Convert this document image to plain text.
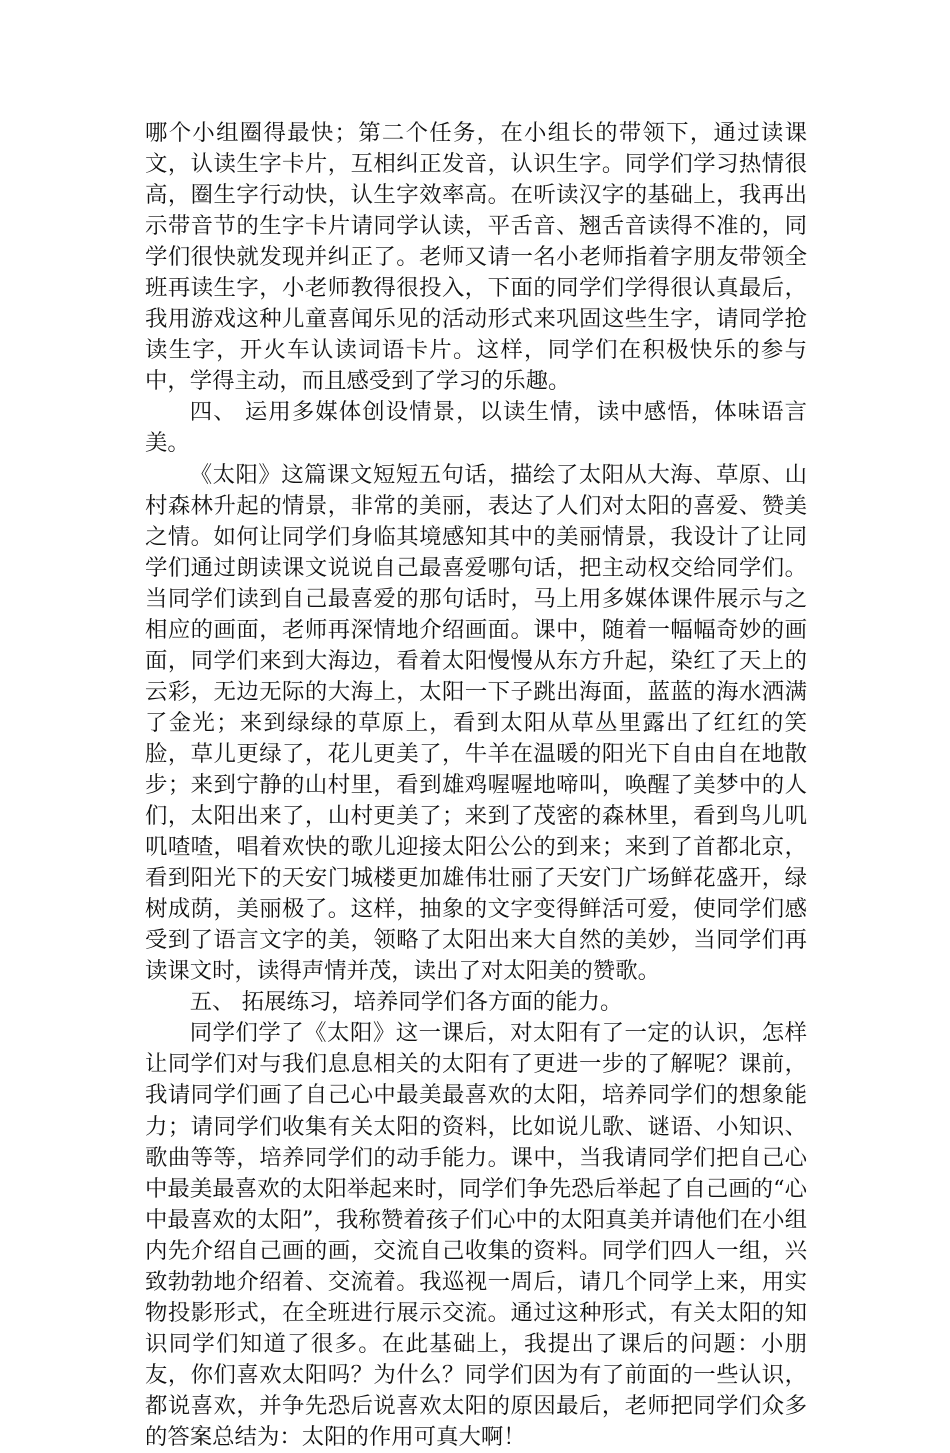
哪个小组圈得最快；第二个任务，在小组长的带领下，通过读课文，认读生字卡片，互相纠正发音，认识生字。同学们学习热情很高，圈生字行动快，认生字效率高。在听读汉字的基础上，我再出示带音节的生字卡片请同学认读，平舌音、翘舌音读得不准的，同学们很快就发现并纠正了。老师又请一名小老师指着字朋友带领全班再读生字，小老师教得很投入，下面的同学们学得很认真最后，我用游戏这种儿童喜闻乐见的活动形式来巩固这些生字，请同学抢读生字，开火车认读词语卡片。这样，同学们在积极快乐的参与中，学得主动，而且感受到了学习的乐趣。

四、 运用多媒体创设情景，以读生情，读中感悟，体味语言美。

《太阳》这篇课文短短五句话，描绘了太阳从大海、草原、山村森林升起的情景，非常的美丽，表达了人们对太阳的喜爱、赞美之情。如何让同学们身临其境感知其中的美丽情景，我设计了让同学们通过朗读课文说说自己最喜爱哪句话，把主动权交给同学们。当同学们读到自己最喜爱的那句话时，马上用多媒体课件展示与之相应的画面，老师再深情地介绍画面。课中，随着一幅幅奇妙的画面，同学们来到大海边，看着太阳慢慢从东方升起，染红了天上的云彩，无边无际的大海上，太阳一下子跳出海面，蓝蓝的海水洒满了金光；来到绿绿的草原上，看到太阳从草丛里露出了红红的笑脸，草儿更绿了，花儿更美了，牛羊在温暖的阳光下自由自在地散步；来到宁静的山村里，看到雄鸡喔喔地啼叫，唤醒了美梦中的人们，太阳出来了，山村更美了；来到了茂密的森林里，看到鸟儿叽叽喳喳，唱着欢快的歌儿迎接太阳公公的到来；来到了首都北京，看到阳光下的天安门城楼更加雄伟壮丽了天安门广场鲜花盛开，绿树成荫，美丽极了。这样，抽象的文字变得鲜活可爱，使同学们感受到了语言文字的美，领略了太阳出来大自然的美妙，当同学们再读课文时，读得声情并茂，读出了对太阳美的赞歌。

五、 拓展练习，培养同学们各方面的能力。

同学们学了《太阳》这一课后，对太阳有了一定的认识，怎样让同学们对与我们息息相关的太阳有了更进一步的了解呢？课前，我请同学们画了自己心中最美最喜欢的太阳，培养同学们的想象能力；请同学们收集有关太阳的资料，比如说儿歌、谜语、小知识、歌曲等等，培养同学们的动手能力。课中，当我请同学们把自己心中最美最喜欢的太阳举起来时，同学们争先恐后举起了自己画的“心中最喜欢的太阳”，我称赞着孩子们心中的太阳真美并请他们在小组内先介绍自己画的画，交流自己收集的资料。同学们四人一组，兴致勃勃地介绍着、交流着。我巡视一周后，请几个同学上来，用实物投影形式，在全班进行展示交流。通过这种形式，有关太阳的知识同学们知道了很多。在此基础上，我提出了课后的问题：小朋友，你们喜欢太阳吗？为什么？同学们因为有了前面的一些认识，都说喜欢，并争先恐后说喜欢太阳的原因最后，老师把同学们众多的答案总结为：太阳的作用可真大啊！
